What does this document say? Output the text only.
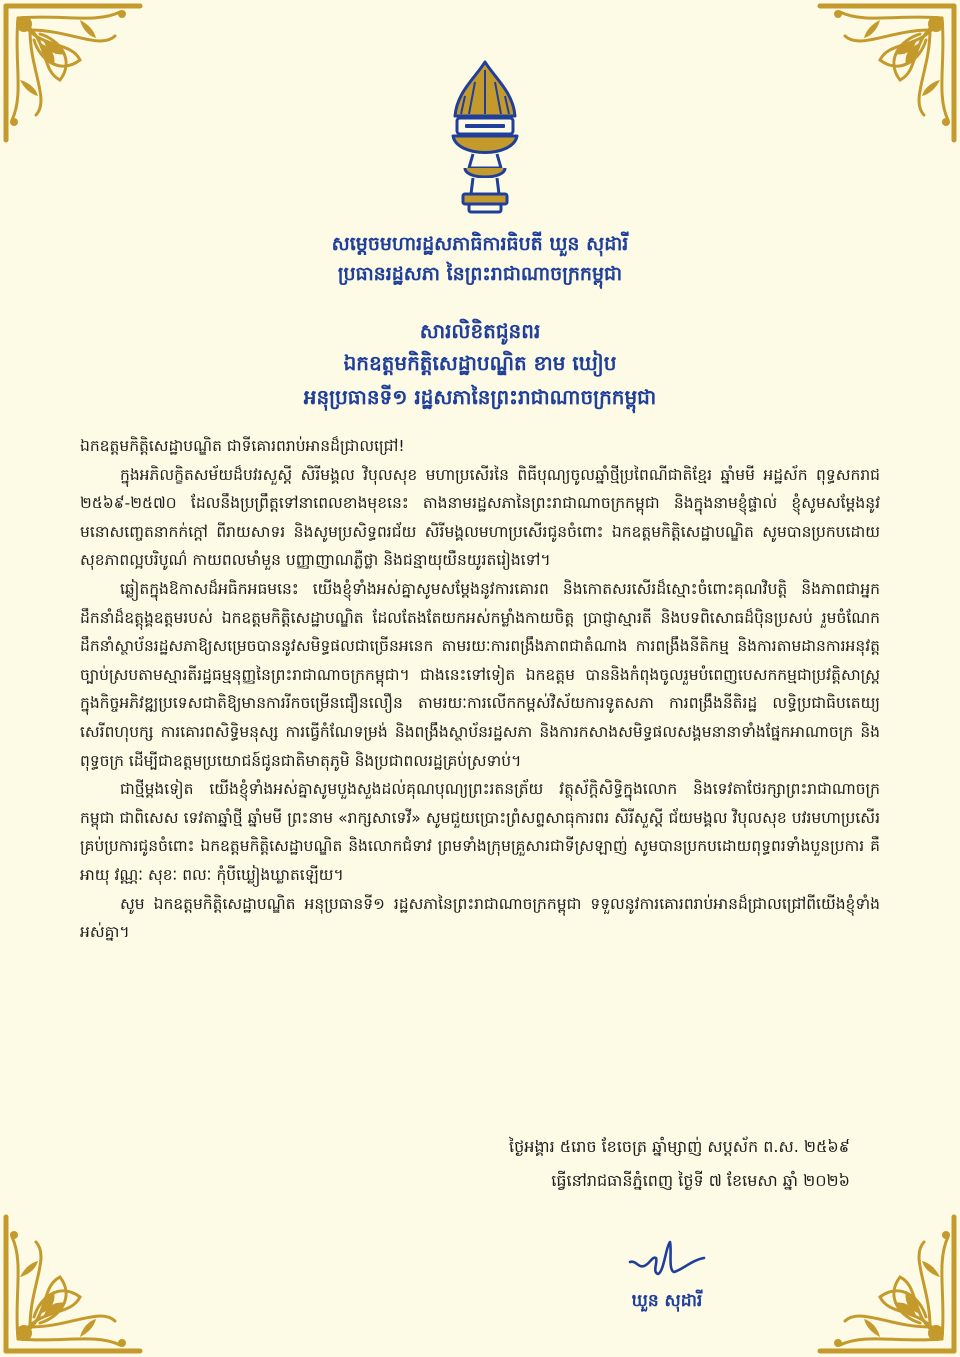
សម្ដេចមហារដ្ឋសភាធិការធិបតី ឃួន សុដារី
ប្រធានរដ្ឋសភា នៃព្រះរាជាណាចក្រកម្ពុជា
សារលិខិតជូនពរ
ឯកឧត្ដមកិត្តិសេដ្ឋាបណ្ឌិត ខាម ឃៀប
អនុប្រធានទី១ រដ្ឋសភានៃព្រះរាជាណាចក្រកម្ពុជា

ឯកឧត្តមកិត្តិសេដ្ឋាបណ្ឌិត ជាទីគោរពរាប់អានដ៏ជ្រាលជ្រៅ!

ក្នុងអភិលក្ខិតសម័យដ៏បវរសួស្តី សិរីមង្គល វិបុលសុខ មហាប្រសើរនៃ ពិធីបុណ្យចូលឆ្នាំថ្មីប្រពៃណីជាតិខ្មែរ ឆ្នាំមមី អដ្ឋស័ក ពុទ្ធសករាជ ២៥៦៩-២៥៧០ ដែលនឹងប្រព្រឹត្តទៅនាពេលខាងមុខនេះ តាងនាមរដ្ឋសភានៃព្រះរាជាណាចក្រកម្ពុជា និងក្នុងនាមខ្ញុំផ្ទាល់ ខ្ញុំសូមសម្តែងនូវមនោសញ្ចេតនាកក់ក្ដៅ ពីរាយសាទរ និងសូមប្រសិទ្ធពរជ័យ សិរីមង្គលមហាប្រសើរជូនចំពោះ ឯកឧត្តមកិត្តិសេដ្ឋាបណ្ឌិត សូមបានប្រកបដោយសុខភាពល្អបរិបូណ៌ កាយពលមាំមួន បញ្ញាញាណភ្លឺថ្លា និងជន្មាយុយឺនយូរតរៀងទៅ។

ឆ្លៀតក្នុងឱកាសដ៏អធិកអធមនេះ យើងខ្ញុំទាំងអស់គ្នាសូមសម្ដែងនូវការគោរព និងកោតសរសើរដ៏ស្មោះចំពោះគុណវិបត្តិ និងភាពជាអ្នកដឹកនាំដ៏ឧត្តុង្គឧត្តមរបស់ ឯកឧត្តមកិត្តិសេដ្ឋាបណ្ឌិត ដែលតែងតែយកអស់កម្លាំងកាយចិត្ត ប្រាជ្ញាស្មារតី និងបទពិសោធដ៏ប៉ិនប្រសប់ រួមចំណែកដឹកនាំស្ថាប័នរដ្ឋសភាឱ្យសម្រេចបាននូវសមិទ្ធផលជាច្រើនអនេក តាមរយៈការពង្រឹងភាពជាតំណាង ការពង្រឹងនីតិកម្ម និងការតាមដានការអនុវត្តច្បាប់ស្របតាមស្មារតីរដ្ឋធម្មនុញ្ញនៃព្រះរាជាណាចក្រកម្ពុជា។ ជាងនេះទៅទៀត ឯកឧត្តម បាននិងកំពុងចូលរួមបំពេញបេសកកម្មជាប្រវត្តិសាស្រ្ត ក្នុងកិច្ចអភិវឌ្ឍប្រទេសជាតិឱ្យមានការរីកចម្រើនជឿនលឿន តាមរយៈការលើកកម្ពស់វិស័យការទូតសភា ការពង្រឹងនីតិរដ្ឋ លទ្ធិប្រជាធិបតេយ្យសេរីពហុបក្ស ការគោរពសិទ្ធិមនុស្ស ការធ្វើកំណែទម្រង់ និងពង្រឹងស្ថាប័នរដ្ឋសភា និងការកសាងសមិទ្ធផលសង្គមនានាទាំងផ្នែកអាណាចក្រ និងពុទ្ធចក្រ ដើម្បីជាឧត្តមប្រយោជន៍ជូនជាតិមាតុភូមិ និងប្រជាពលរដ្ឋគ្រប់ស្រទាប់។

ជាថ្មីម្តងទៀត យើងខ្ញុំទាំងអស់គ្នាសូមបួងសួងដល់គុណបុណ្យព្រះរតនត្រ័យ វត្ថុស័ក្តិសិទ្ធិក្នុងលោក និងទេវតាថែរក្សាព្រះរាជាណាចក្រកម្ពុជា ជាពិសេស ទេវតាឆ្នាំថ្មី ឆ្នាំមមី ព្រះនាម «រាក្សសាទេវី» សូមជួយប្រោះព្រំសព្ទសាធុការពរ សិរីសួស្តី ជ័យមង្គល វិបុលសុខ បវរមហាប្រសើរ គ្រប់ប្រការជូនចំពោះ ឯកឧត្តមកិត្តិសេដ្ឋាបណ្ឌិត និងលោកជំទាវ ព្រមទាំងក្រុមគ្រួសារជាទីស្រឡាញ់ សូមបានប្រកបដោយពុទ្ធពរទាំងបួនប្រការ គឺ អាយុ វណ្ណៈ សុខៈ ពលៈ កុំបីឃ្លៀងឃ្លាតឡើយ។

សូម ឯកឧត្តមកិត្តិសេដ្ឋាបណ្ឌិត អនុប្រធានទី១ រដ្ឋសភានៃព្រះរាជាណាចក្រកម្ពុជា ទទួលនូវការគោរពរាប់អានដ៏ជ្រាលជ្រៅពីយើងខ្ញុំទាំងអស់គ្នា។

ថ្ងៃអង្គារ ៥រោច ខែចេត្រ ឆ្នាំម្សាញ់ សប្តស័ក ព.ស. ២៥៦៩
ធ្វើនៅរាជធានីភ្នំពេញ ថ្ងៃទី ៧ ខែមេសា ឆ្នាំ ២០២៦
ឃួន សុដារី
